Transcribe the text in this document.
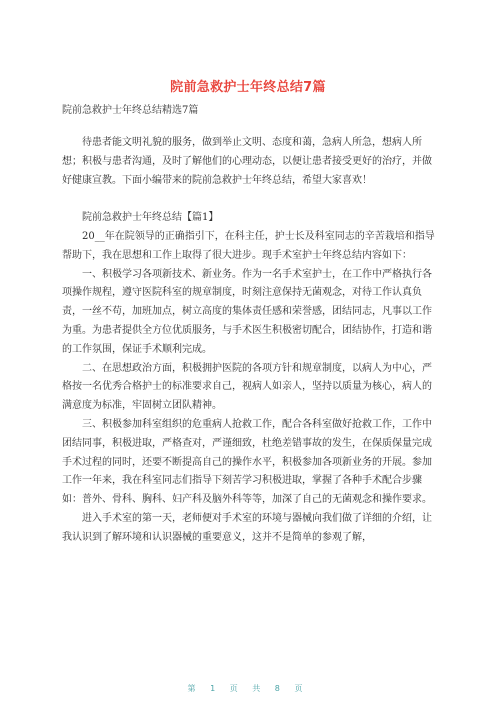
院前急救护士年终总结7篇
院前急救护士年终总结精选7篇

待患者能文明礼貌的服务，做到举止文明、态度和蔼，急病人所急，想病人所想；积极与患者沟通，及时了解他们的心理动态，以便让患者接受更好的治疗，并做好健康宣教。下面小编带来的院前急救护士年终总结，希望大家喜欢！

院前急救护士年终总结【篇1】

20__年在院领导的正确指引下，在科主任，护士长及科室同志的辛苦栽培和指导帮助下，我在思想和工作上取得了很大进步。现手术室护士年终总结内容如下：

一、积极学习各项新技术、新业务。作为一名手术室护士，在工作中严格执行各项操作规程，遵守医院科室的规章制度，时刻注意保持无菌观念，对待工作认真负责，一丝不苟，加班加点，树立高度的集体责任感和荣誉感，团结同志，凡事以工作为重。为患者提供全方位优质服务，与手术医生积极密切配合，团结协作，打造和谐的工作氛围，保证手术顺利完成。

二、在思想政治方面，积极拥护医院的各项方针和规章制度，以病人为中心，严格按一名优秀合格护士的标准要求自己，视病人如亲人，坚持以质量为核心，病人的满意度为标准，牢固树立团队精神。

三、积极参加科室组织的危重病人抢救工作，配合各科室做好抢救工作，工作中团结同事，积极进取，严格查对，严谨细致，杜绝差错事故的发生，在保质保量完成手术过程的同时，还要不断提高自己的操作水平，积极参加各项新业务的开展。参加工作一年来，我在科室同志们指导下刻苦学习积极进取，掌握了各种手术配合步骤如：普外、骨科、胸科、妇产科及脑外科等等，加深了自己的无菌观念和操作要求。

进入手术室的第一天，老师便对手术室的环境与器械向我们做了详细的介绍，让我认识到了解环境和认识器械的重要意义，这并不是简单的参观了解，

第 1 页 共 8 页
